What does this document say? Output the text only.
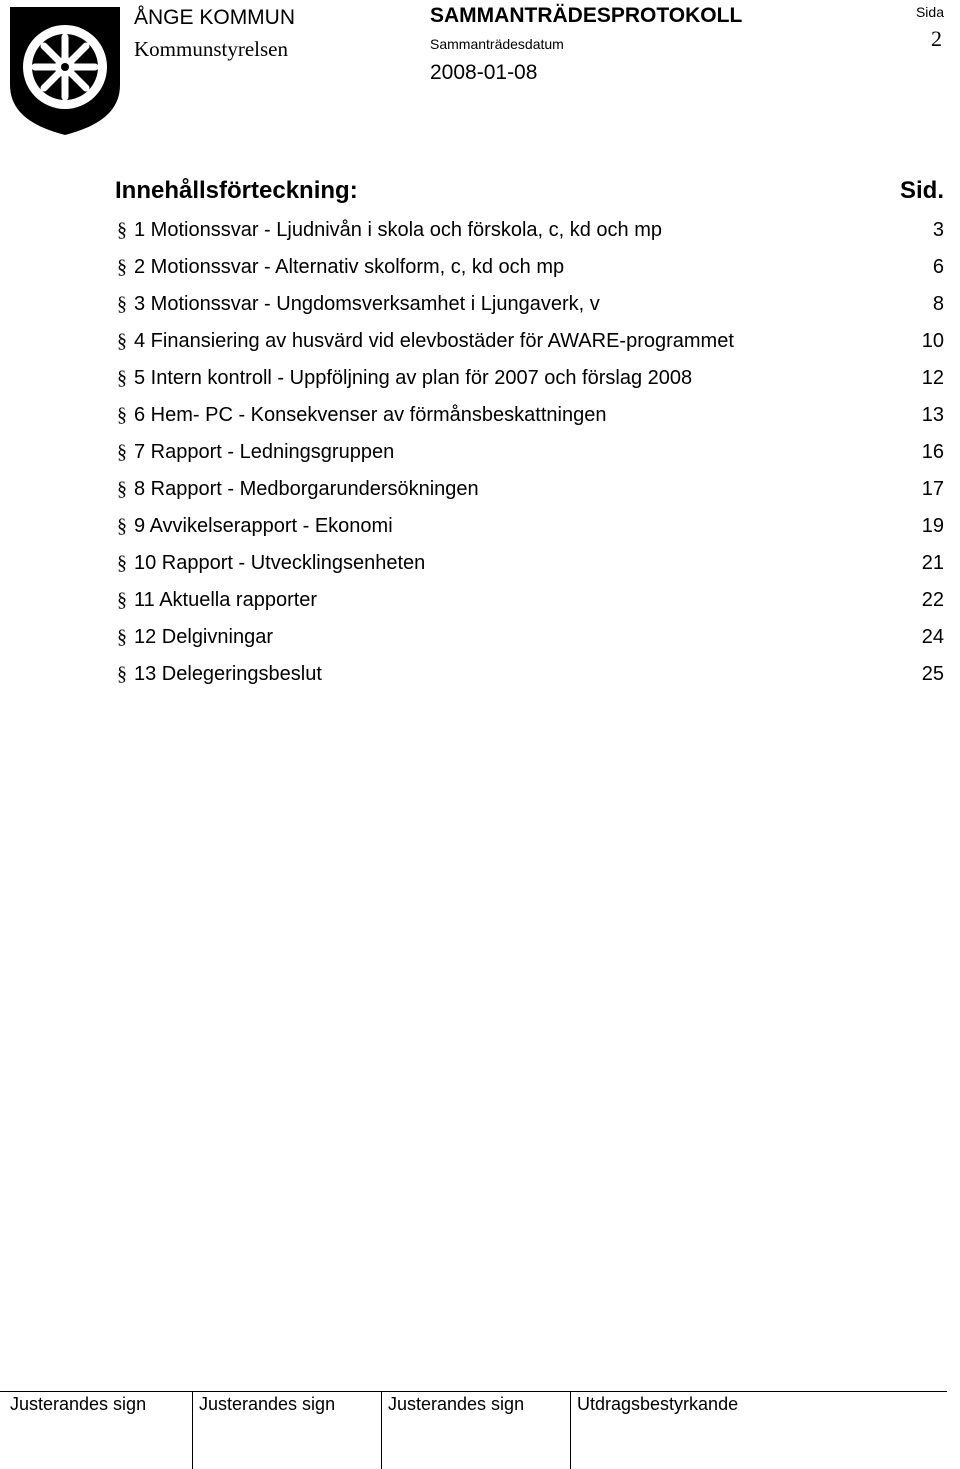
ÅNGE KOMMUN
Kommunstyrelsen
SAMMANTRÄDESPROTOKOLL
Sammanträdesdatum
2008-01-08
Sida
2
Innehållsförteckning:	Sid.
§ 1 Motionssvar - Ljudnivån i skola och förskola, c, kd och mp	3
§ 2 Motionssvar - Alternativ skolform, c, kd och mp	6
§ 3 Motionssvar - Ungdomsverksamhet i Ljungaverk, v	8
§ 4 Finansiering av husvärd vid elevbostäder för AWARE-programmet	10
§ 5 Intern kontroll - Uppföljning av plan för 2007 och förslag 2008	12
§ 6 Hem- PC - Konsekvenser av förmånsbeskattningen	13
§ 7 Rapport - Ledningsgruppen	16
§ 8 Rapport - Medborgarundersökningen	17
§ 9 Avvikelserapport - Ekonomi	19
§ 10 Rapport - Utvecklingsenheten	21
§ 11 Aktuella rapporter	22
§ 12 Delgivningar	24
§ 13 Delegeringsbeslut	25
Justerandes sign	Justerandes sign	Justerandes sign	Utdragsbestyrkande
